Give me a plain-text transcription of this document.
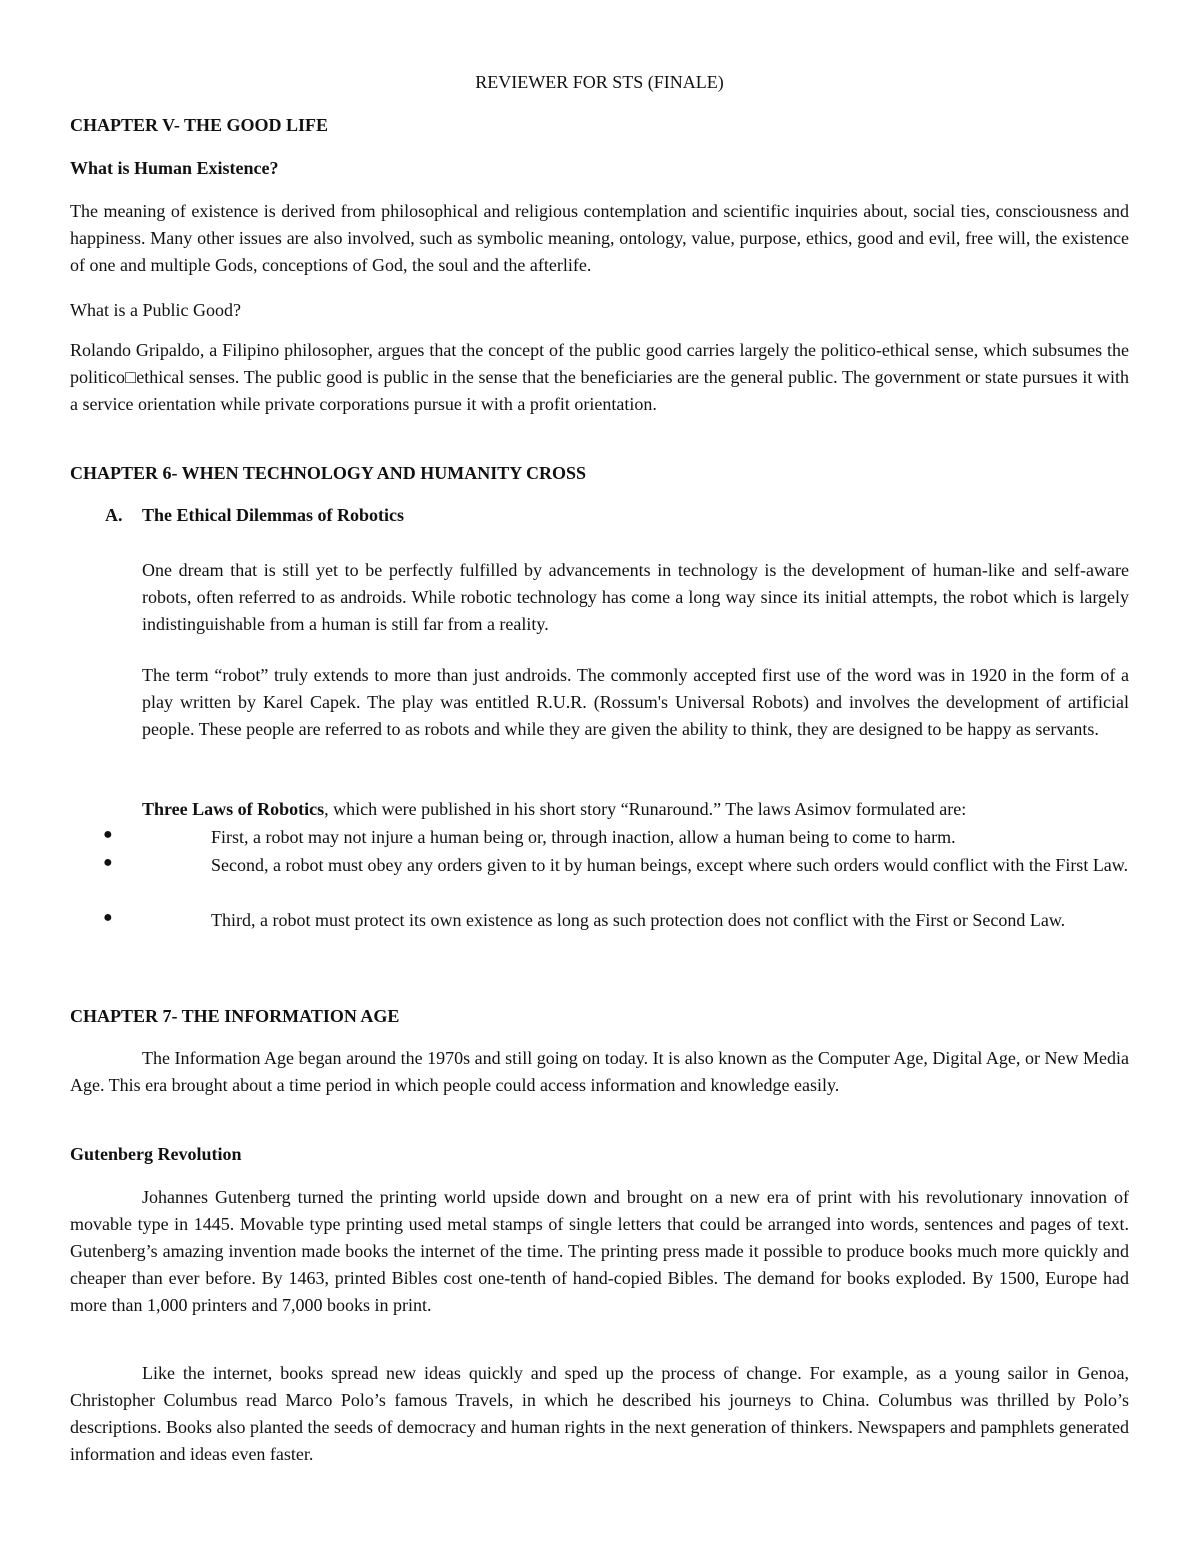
REVIEWER FOR STS (FINALE)
CHAPTER V- THE GOOD LIFE
What is Human Existence?

The meaning of existence is derived from philosophical and religious contemplation and scientific inquiries about, social ties, consciousness and happiness. Many other issues are also involved, such as symbolic meaning, ontology, value, purpose, ethics, good and evil, free will, the existence of one and multiple Gods, conceptions of God, the soul and the afterlife.

What is a Public Good?

Rolando Gripaldo, a Filipino philosopher, argues that the concept of the public good carries largely the politico-ethical sense, which subsumes the politico□ethical senses. The public good is public in the sense that the beneficiaries are the general public. The government or state pursues it with a service orientation while private corporations pursue it with a profit orientation.

CHAPTER 6- WHEN TECHNOLOGY AND HUMANITY CROSS
A. The Ethical Dilemmas of Robotics

One dream that is still yet to be perfectly fulfilled by advancements in technology is the development of human-like and self-aware robots, often referred to as androids. While robotic technology has come a long way since its initial attempts, the robot which is largely indistinguishable from a human is still far from a reality.

The term “robot” truly extends to more than just androids. The commonly accepted first use of the word was in 1920 in the form of a play written by Karel Capek. The play was entitled R.U.R. (Rossum's Universal Robots) and involves the development of artificial people. These people are referred to as robots and while they are given the ability to think, they are designed to be happy as servants.

Three Laws of Robotics, which were published in his short story “Runaround.” The laws Asimov formulated are:

●	First, a robot may not injure a human being or, through inaction, allow a human being to come to harm.

●	Second, a robot must obey any orders given to it by human beings, except where such orders would conflict with the First Law.

●	Third, a robot must protect its own existence as long as such protection does not conflict with the First or Second Law.

CHAPTER 7- THE INFORMATION AGE

The Information Age began around the 1970s and still going on today. It is also known as the Computer Age, Digital Age, or New Media Age. This era brought about a time period in which people could access information and knowledge easily.

Gutenberg Revolution

Johannes Gutenberg turned the printing world upside down and brought on a new era of print with his revolutionary innovation of movable type in 1445. Movable type printing used metal stamps of single letters that could be arranged into words, sentences and pages of text. Gutenberg’s amazing invention made books the internet of the time. The printing press made it possible to produce books much more quickly and cheaper than ever before. By 1463, printed Bibles cost one-tenth of hand-copied Bibles. The demand for books exploded. By 1500, Europe had more than 1,000 printers and 7,000 books in print.

Like the internet, books spread new ideas quickly and sped up the process of change. For example, as a young sailor in Genoa, Christopher Columbus read Marco Polo’s famous Travels, in which he described his journeys to China. Columbus was thrilled by Polo’s descriptions. Books also planted the seeds of democracy and human rights in the next generation of thinkers. Newspapers and pamphlets generated information and ideas even faster.
